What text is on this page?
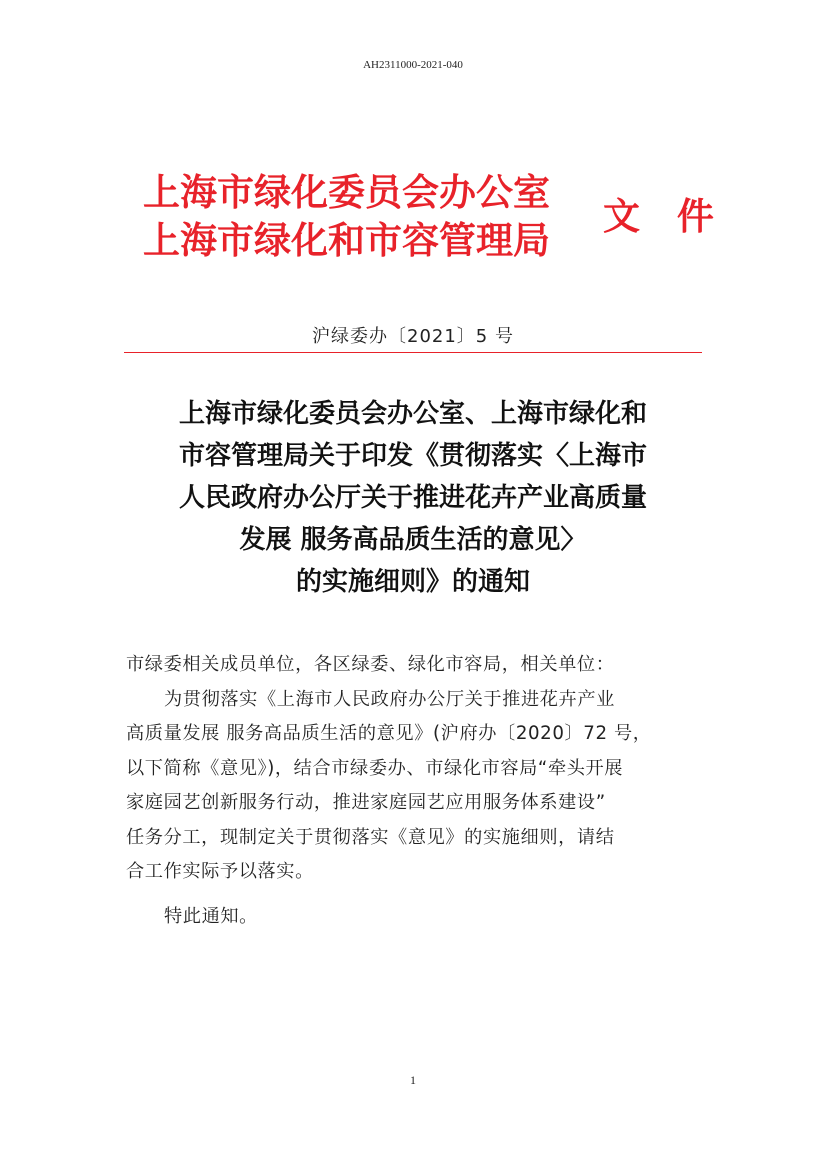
AH2311000-2021-040
上海市绿化委员会办公室
上海市绿化和市容管理局
文 件
沪绿委办〔2021〕5 号
上海市绿化委员会办公室、上海市绿化和
市容管理局关于印发《贯彻落实〈上海市
人民政府办公厅关于推进花卉产业高质量
发展 服务高品质生活的意见〉
的实施细则》的通知
市绿委相关成员单位，各区绿委、绿化市容局，相关单位：
为贯彻落实《上海市人民政府办公厅关于推进花卉产业
高质量发展 服务高品质生活的意见》(沪府办〔2020〕72 号，
以下简称《意见》)，结合市绿委办、市绿化市容局“牵头开展
家庭园艺创新服务行动，推进家庭园艺应用服务体系建设”
任务分工，现制定关于贯彻落实《意见》的实施细则，请结
合工作实际予以落实。
特此通知。
1
